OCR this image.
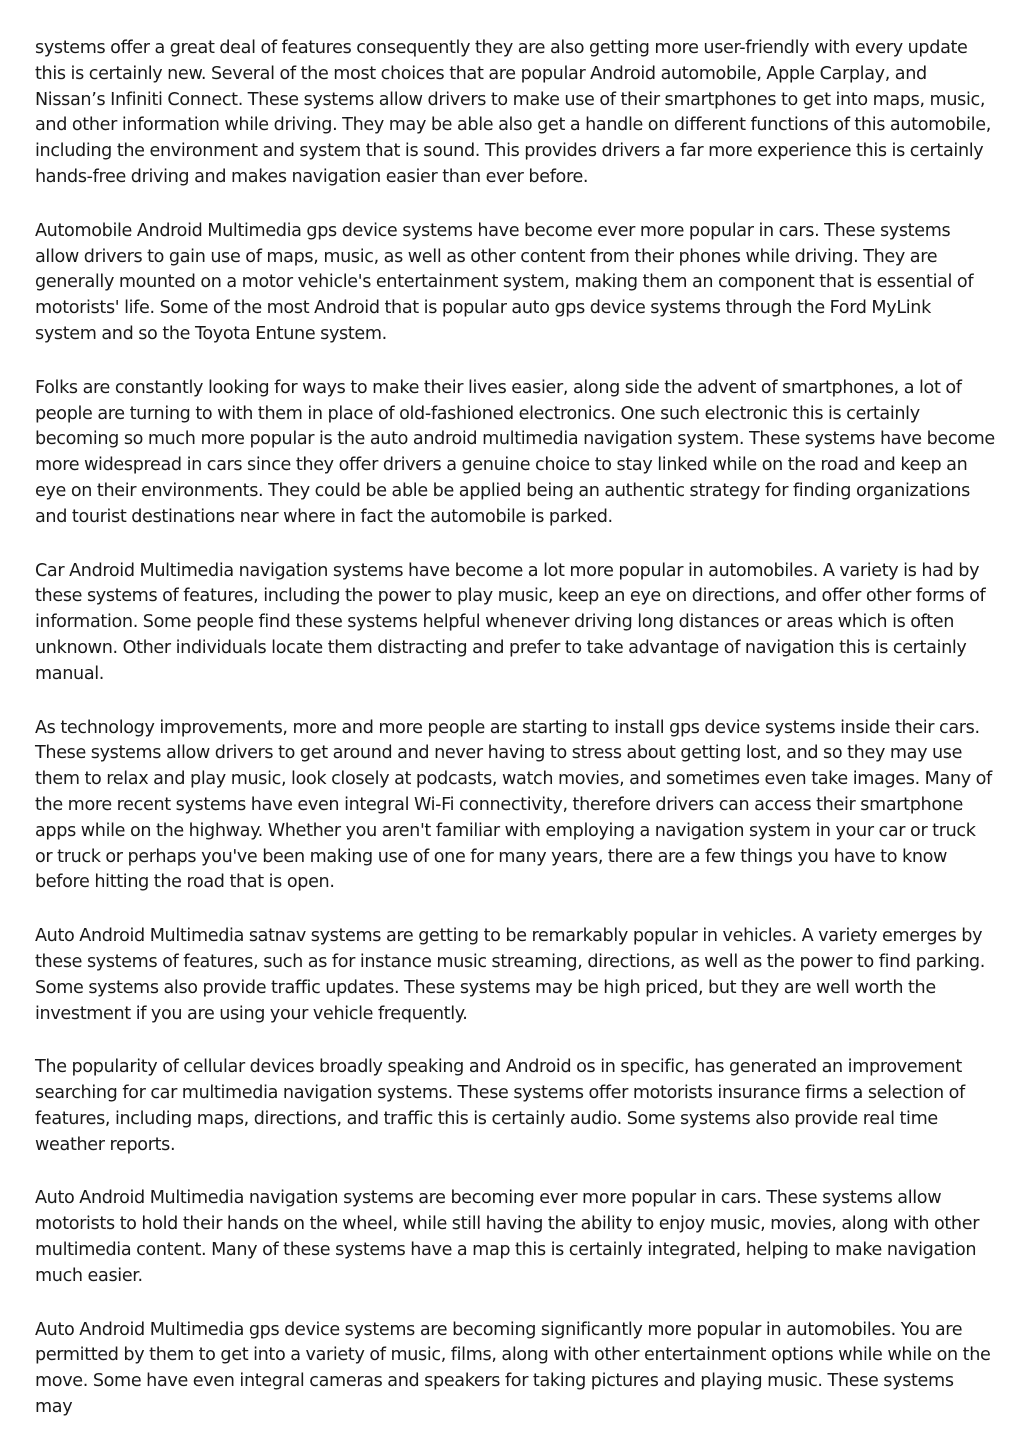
systems offer a great deal of features consequently they are also getting more user-friendly with every update this is certainly new. Several of the most choices that are popular Android automobile, Apple Carplay, and Nissan’s Infiniti Connect. These systems allow drivers to make use of their smartphones to get into maps, music, and other information while driving. They may be able also get a handle on different functions of this automobile, including the environment and system that is sound. This provides drivers a far more experience this is certainly hands-free driving and makes navigation easier than ever before.

Automobile Android Multimedia gps device systems have become ever more popular in cars. These systems allow drivers to gain use of maps, music, as well as other content from their phones while driving. They are generally mounted on a motor vehicle's entertainment system, making them an component that is essential of motorists' life. Some of the most Android that is popular auto gps device systems through the Ford MyLink system and so the Toyota Entune system.

Folks are constantly looking for ways to make their lives easier, along side the advent of smartphones, a lot of people are turning to with them in place of old-fashioned electronics. One such electronic this is certainly becoming so much more popular is the auto android multimedia navigation system. These systems have become more widespread in cars since they offer drivers a genuine choice to stay linked while on the road and keep an eye on their environments. They could be able be applied being an authentic strategy for finding organizations and tourist destinations near where in fact the automobile is parked.

Car Android Multimedia navigation systems have become a lot more popular in automobiles. A variety is had by these systems of features, including the power to play music, keep an eye on directions, and offer other forms of information. Some people find these systems helpful whenever driving long distances or areas which is often unknown. Other individuals locate them distracting and prefer to take advantage of navigation this is certainly manual.

As technology improvements, more and more people are starting to install gps device systems inside their cars. These systems allow drivers to get around and never having to stress about getting lost, and so they may use them to relax and play music, look closely at podcasts, watch movies, and sometimes even take images. Many of the more recent systems have even integral Wi-Fi connectivity, therefore drivers can access their smartphone apps while on the highway. Whether you aren't familiar with employing a navigation system in your car or truck or truck or perhaps you've been making use of one for many years, there are a few things you have to know before hitting the road that is open.

Auto Android Multimedia satnav systems are getting to be remarkably popular in vehicles. A variety emerges by these systems of features, such as for instance music streaming, directions, as well as the power to find parking. Some systems also provide traffic updates. These systems may be high priced, but they are well worth the investment if you are using your vehicle frequently.

The popularity of cellular devices broadly speaking and Android os in specific, has generated an improvement searching for car multimedia navigation systems. These systems offer motorists insurance firms a selection of features, including maps, directions, and traffic this is certainly audio. Some systems also provide real time weather reports.

Auto Android Multimedia navigation systems are becoming ever more popular in cars. These systems allow motorists to hold their hands on the wheel, while still having the ability to enjoy music, movies, along with other multimedia content. Many of these systems have a map this is certainly integrated, helping to make navigation much easier.

Auto Android Multimedia gps device systems are becoming significantly more popular in automobiles. You are permitted by them to get into a variety of music, films, along with other entertainment options while while on the move. Some have even integral cameras and speakers for taking pictures and playing music. These systems may
